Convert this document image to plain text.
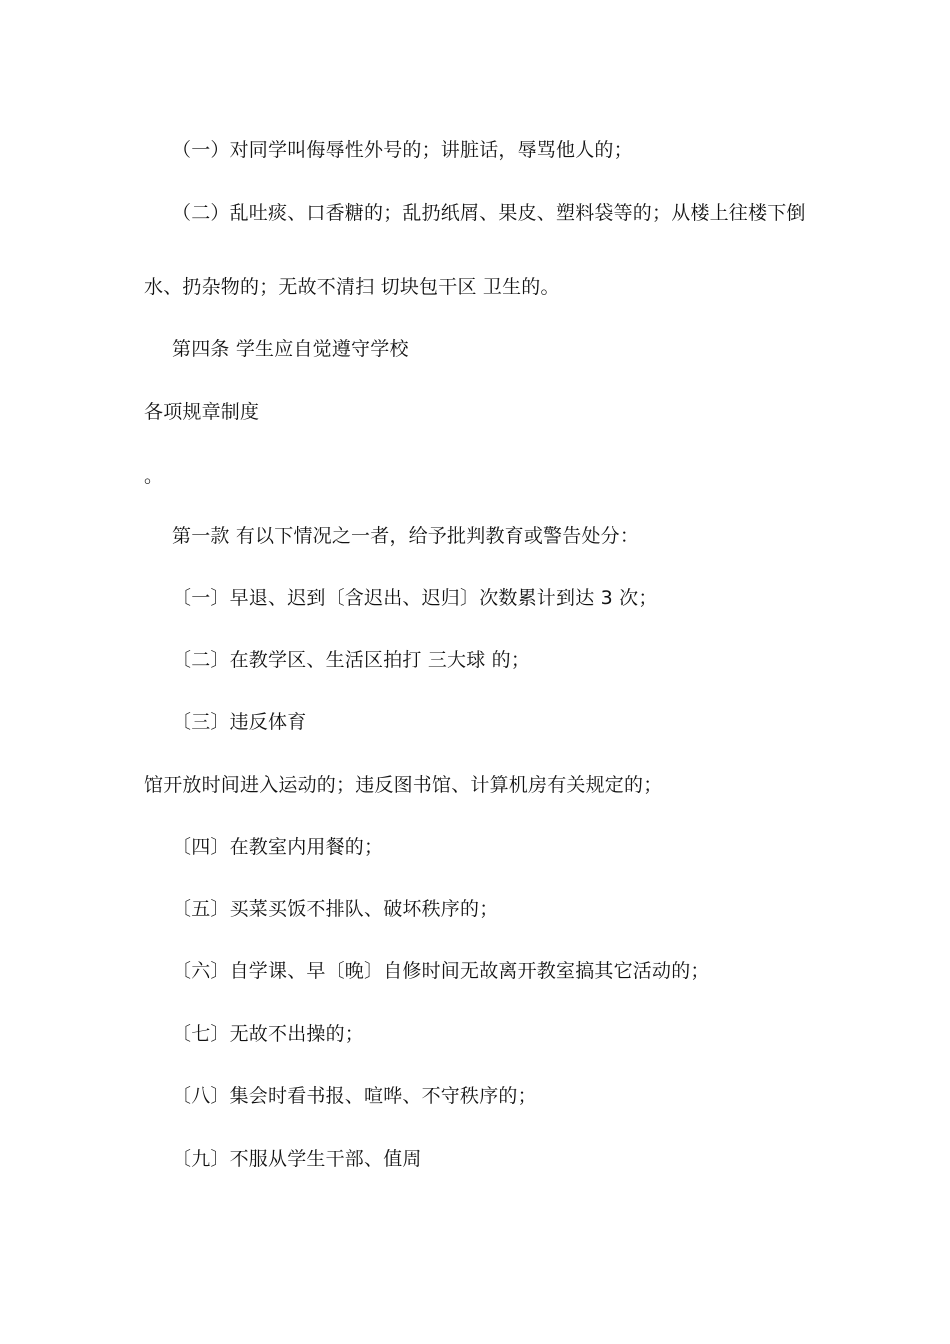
（一）对同学叫侮辱性外号的；讲脏话，辱骂他人的；
（二）乱吐痰、口香糖的；乱扔纸屑、果皮、塑料袋等的；从楼上往楼下倒
水、扔杂物的；无故不清扫 切块包干区 卫生的。
第四条 学生应自觉遵守学校
各项规章制度
。
第一款 有以下情况之一者，给予批判教育或警告处分：
〔一〕早退、迟到〔含迟出、迟归〕次数累计到达 3 次；
〔二〕在教学区、生活区拍打 三大球 的；
〔三〕违反体育
馆开放时间进入运动的；违反图书馆、计算机房有关规定的；
〔四〕在教室内用餐的；
〔五〕买菜买饭不排队、破坏秩序的；
〔六〕自学课、早〔晚〕自修时间无故离开教室搞其它活动的；
〔七〕无故不出操的；
〔八〕集会时看书报、喧哗、不守秩序的；
〔九〕不服从学生干部、值周
